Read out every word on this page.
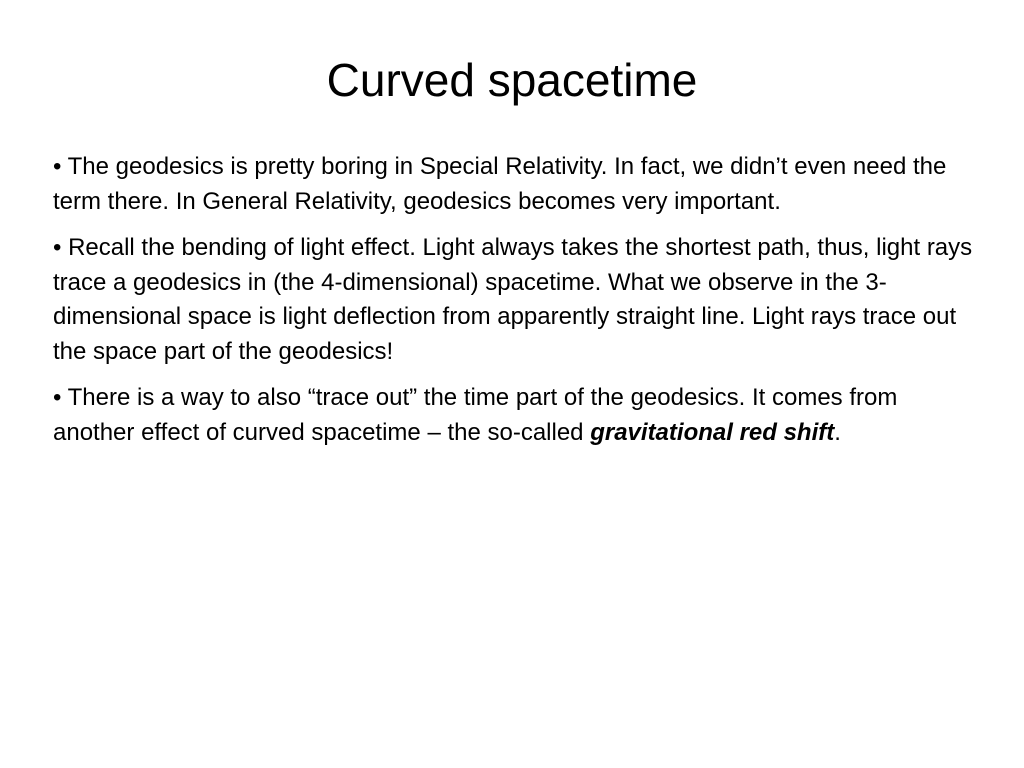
Curved spacetime
• The geodesics is pretty boring in Special Relativity. In fact, we didn’t even need the term there. In General Relativity, geodesics becomes very important.
• Recall the bending of light effect. Light always takes the shortest path, thus, light rays trace a geodesics in (the 4-dimensional) spacetime. What we observe in the 3-dimensional space is light deflection from apparently straight line. Light rays trace out the space part of the geodesics!
• There is a way to also “trace out” the time part of the geodesics. It comes from another effect of curved spacetime – the so-called gravitational red shift.
